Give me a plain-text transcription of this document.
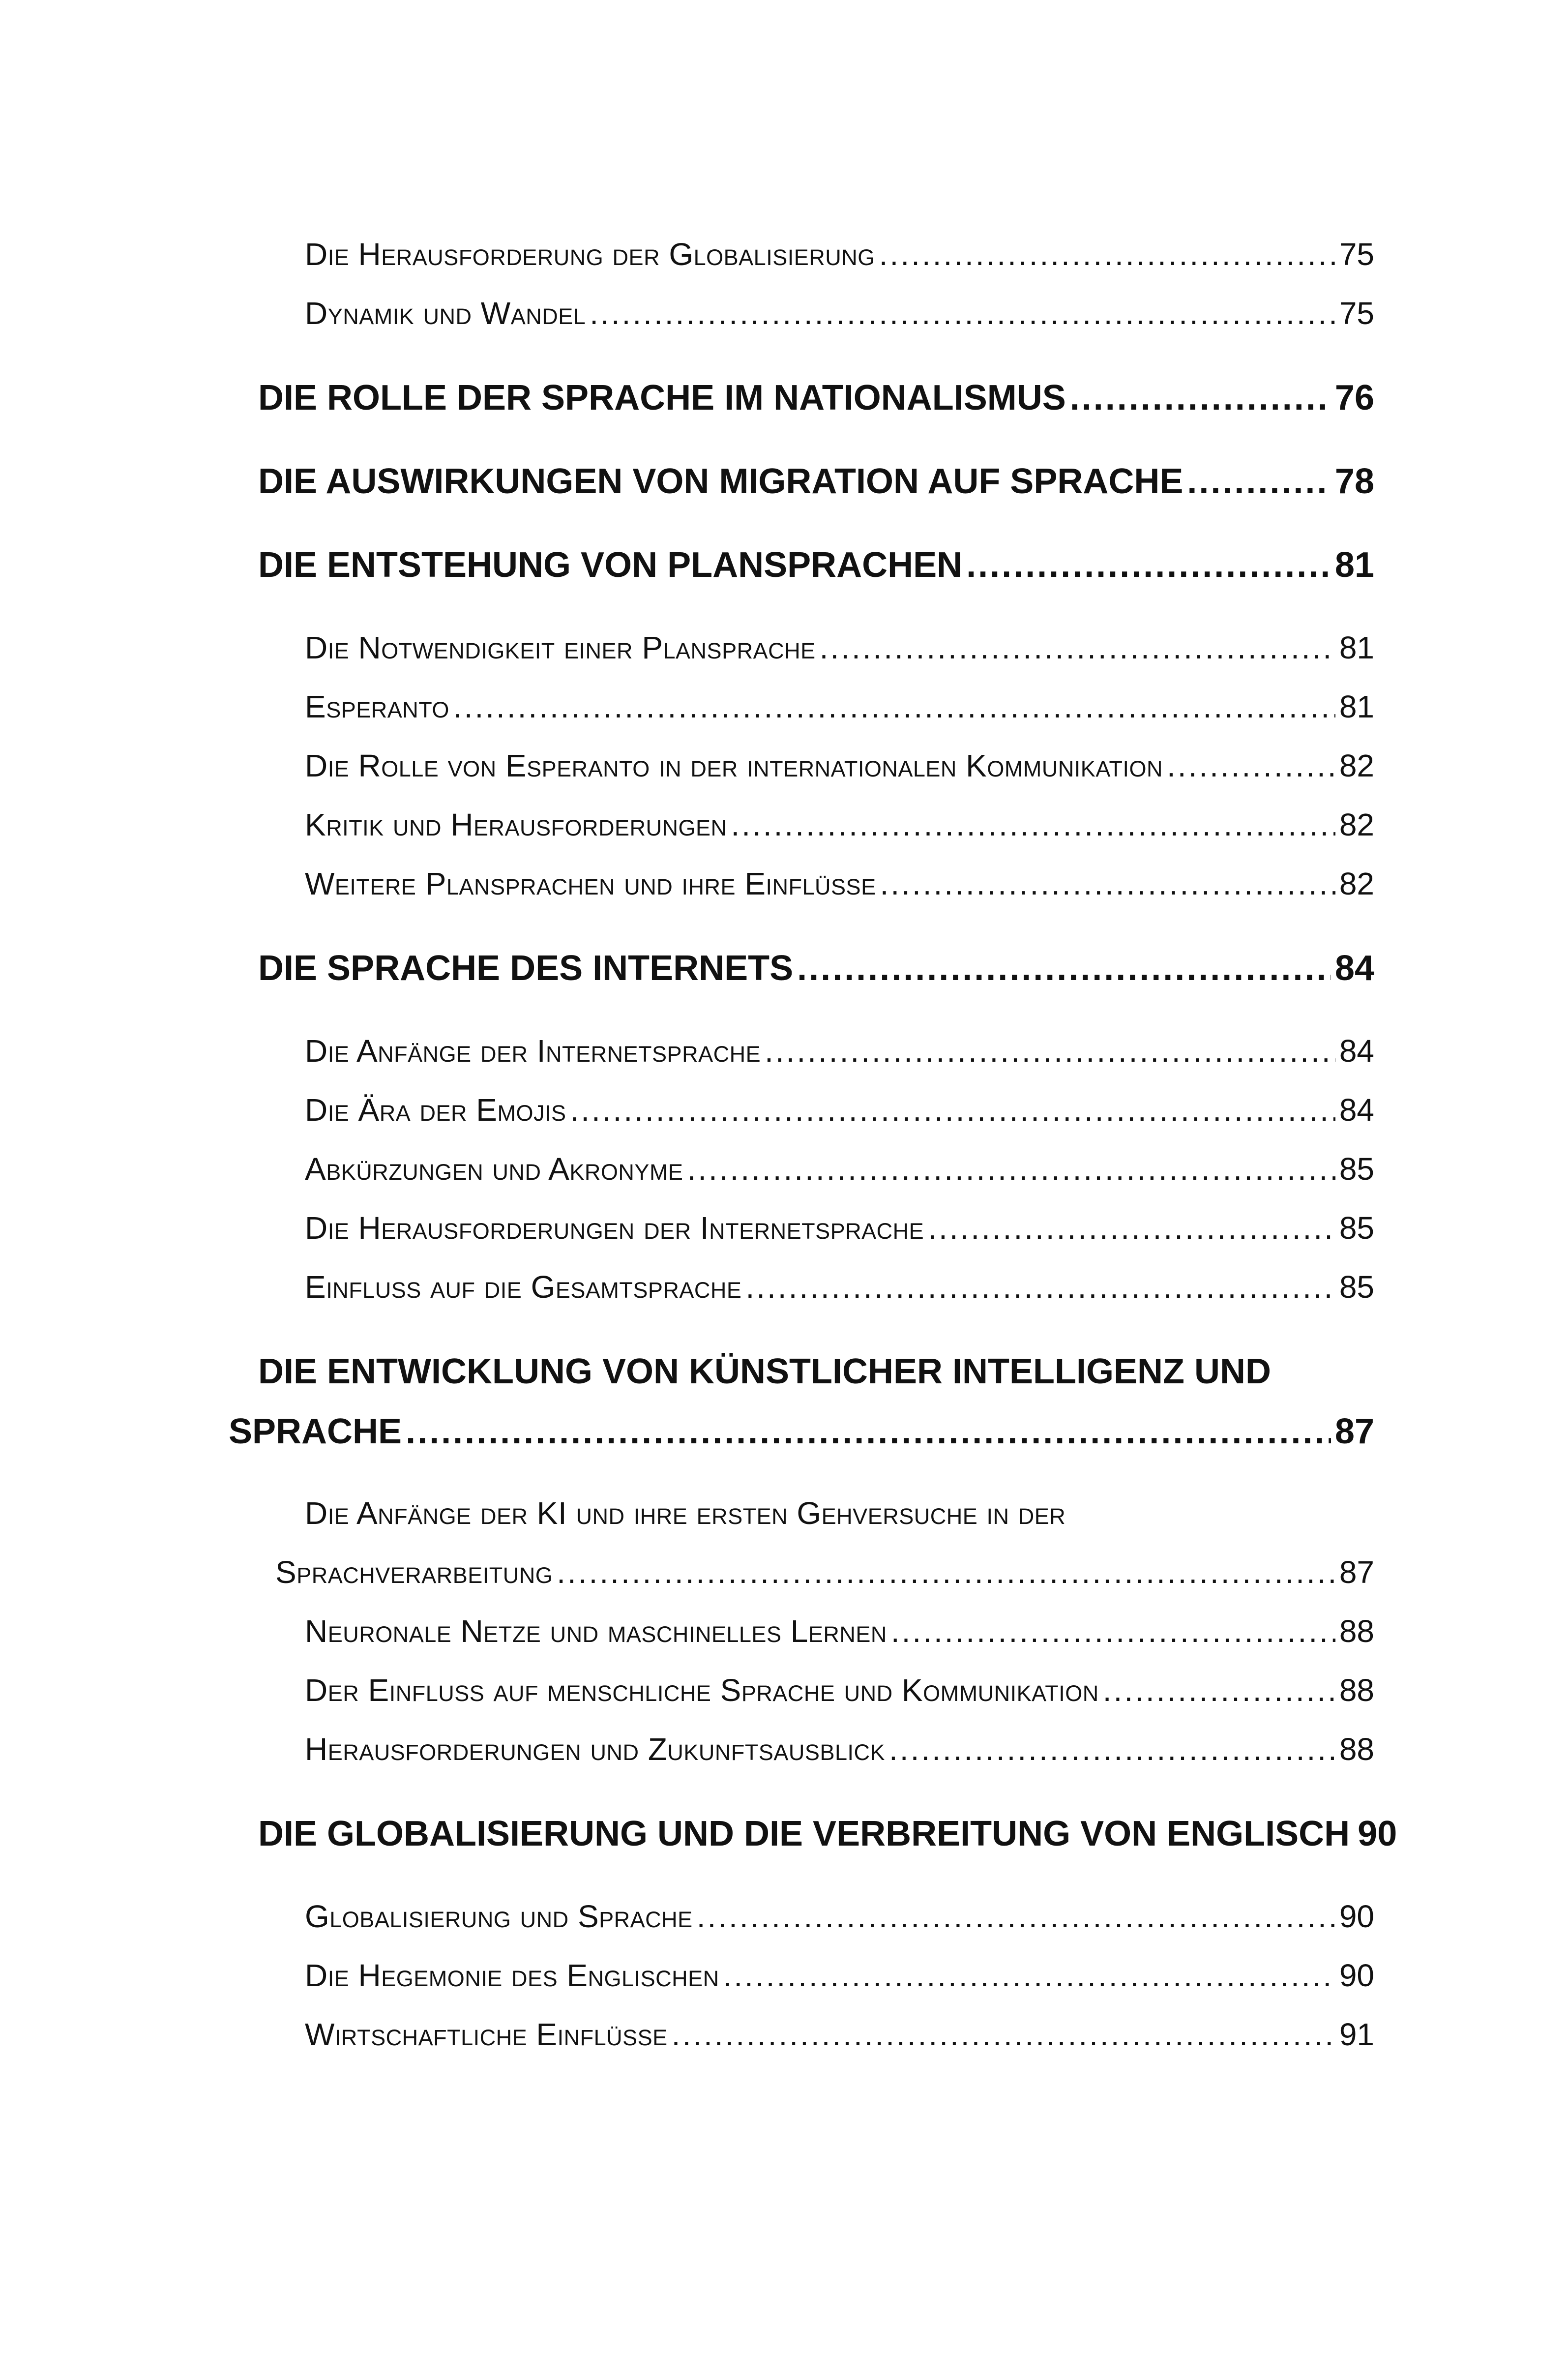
Die Herausforderung der Globalisierung .....	75
Dynamik und Wandel .....	75
DIE ROLLE DER SPRACHE IM NATIONALISMUS .....	76
DIE AUSWIRKUNGEN VON MIGRATION AUF SPRACHE .....	78
DIE ENTSTEHUNG VON PLANSPRACHEN .....	81
Die Notwendigkeit einer Plansprache .....	81
Esperanto .....	81
Die Rolle von Esperanto in der internationalen Kommunikation .....	82
Kritik und Herausforderungen .....	82
Weitere Plansprachen und ihre Einflüsse .....	82
DIE SPRACHE DES INTERNETS .....	84
Die Anfänge der Internetsprache .....	84
Die Ära der Emojis .....	84
Abkürzungen und Akronyme .....	85
Die Herausforderungen der Internetsprache .....	85
Einfluss auf die Gesamtsprache .....	85
DIE ENTWICKLUNG VON KÜNSTLICHER INTELLIGENZ UND
SPRACHE .....	87
Die Anfänge der KI und ihre ersten Gehversuche in der
Sprachverarbeitung .....	87
Neuronale Netze und maschinelles Lernen .....	88
Der Einfluss auf menschliche Sprache und Kommunikation .....	88
Herausforderungen und Zukunftsausblick .....	88
DIE GLOBALISIERUNG UND DIE VERBREITUNG VON ENGLISCH 90
Globalisierung und Sprache .....	90
Die Hegemonie des Englischen .....	90
Wirtschaftliche Einflüsse .....	91
